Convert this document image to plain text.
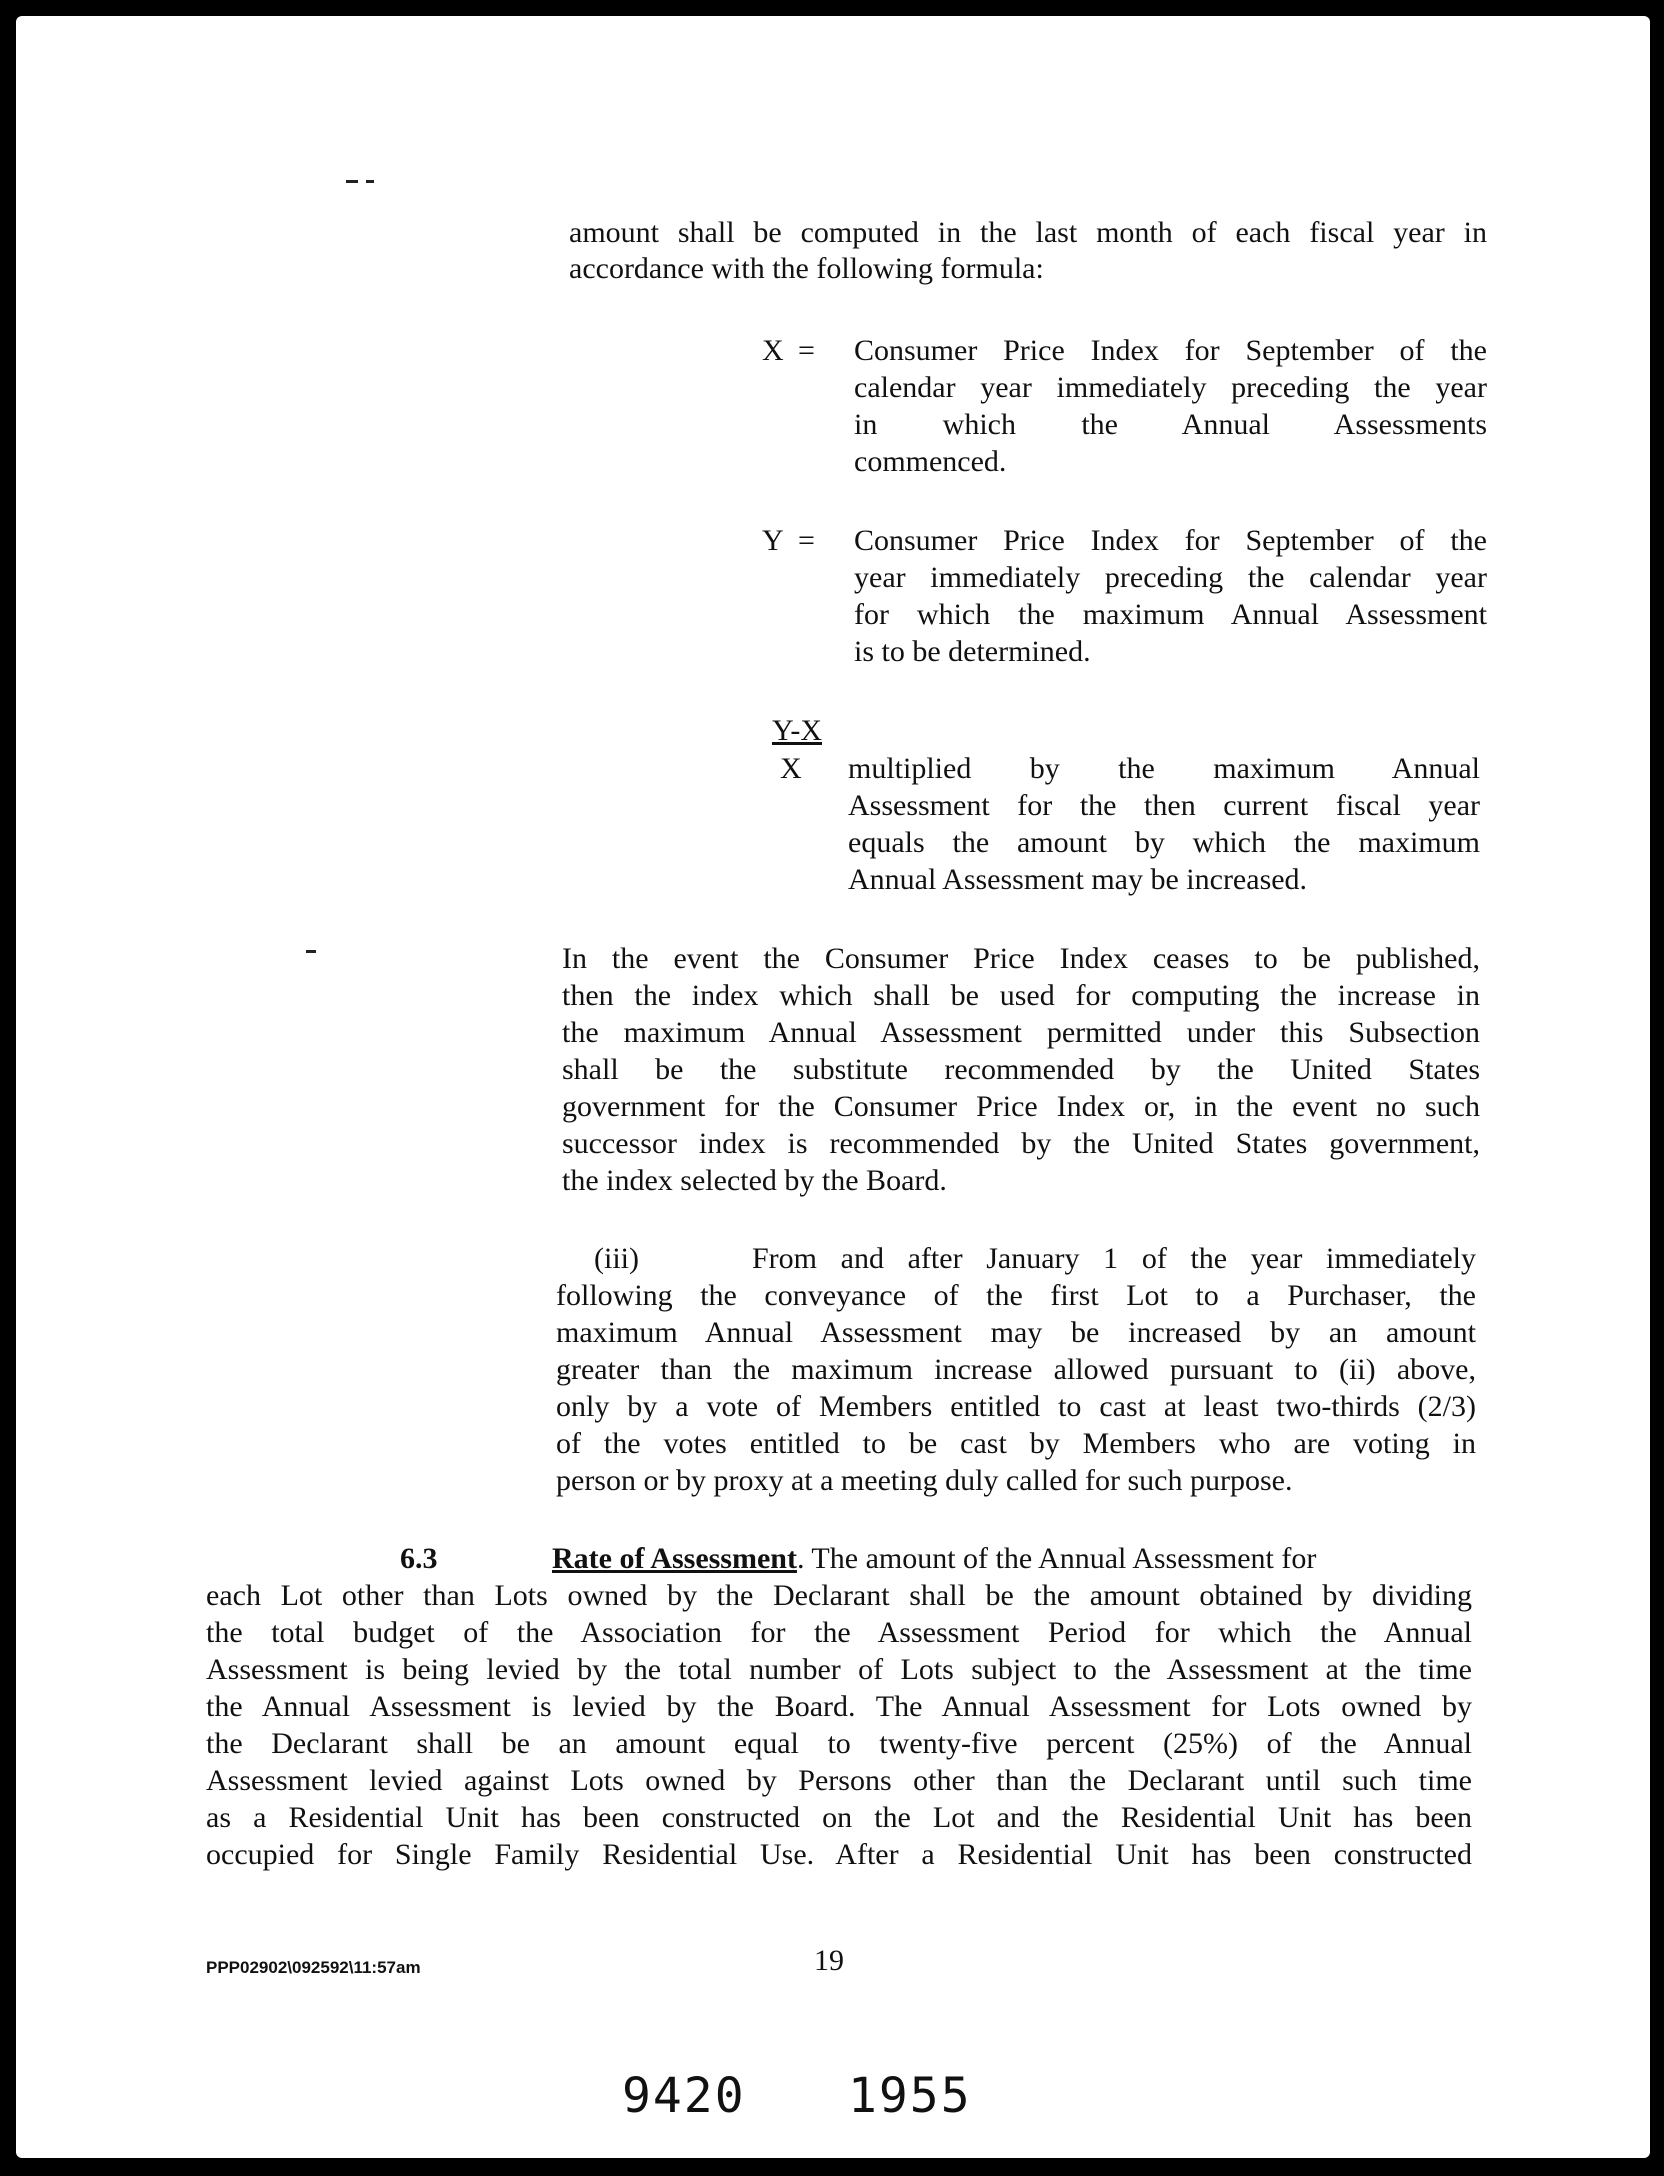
amount shall be computed in the last month of each fiscal year in
accordance with the following formula:
X = Consumer Price Index for September of the
calendar year immediately preceding the year
in which the Annual Assessments
commenced.
Y = Consumer Price Index for September of the
year immediately preceding the calendar year
for which the maximum Annual Assessment
is to be determined.
Y-X
X multiplied by the maximum Annual
Assessment for the then current fiscal year
equals the amount by which the maximum
Annual Assessment may be increased.
In the event the Consumer Price Index ceases to be published,
then the index which shall be used for computing the increase in
the maximum Annual Assessment permitted under this Subsection
shall be the substitute recommended by the United States
government for the Consumer Price Index or, in the event no such
successor index is recommended by the United States government,
the index selected by the Board.
(iii)	From and after January 1 of the year immediately
following the conveyance of the first Lot to a Purchaser, the
maximum Annual Assessment may be increased by an amount
greater than the maximum increase allowed pursuant to (ii) above,
only by a vote of Members entitled to cast at least two-thirds (2/3)
of the votes entitled to be cast by Members who are voting in
person or by proxy at a meeting duly called for such purpose.
6.3	Rate of Assessment. The amount of the Annual Assessment for
each Lot other than Lots owned by the Declarant shall be the amount obtained by dividing
the total budget of the Association for the Assessment Period for which the Annual
Assessment is being levied by the total number of Lots subject to the Assessment at the time
the Annual Assessment is levied by the Board. The Annual Assessment for Lots owned by
the Declarant shall be an amount equal to twenty-five percent (25%) of the Annual
Assessment levied against Lots owned by Persons other than the Declarant until such time
as a Residential Unit has been constructed on the Lot and the Residential Unit has been
occupied for Single Family Residential Use. After a Residential Unit has been constructed
PPP02902\092592\11:57am	19
9420 1955
